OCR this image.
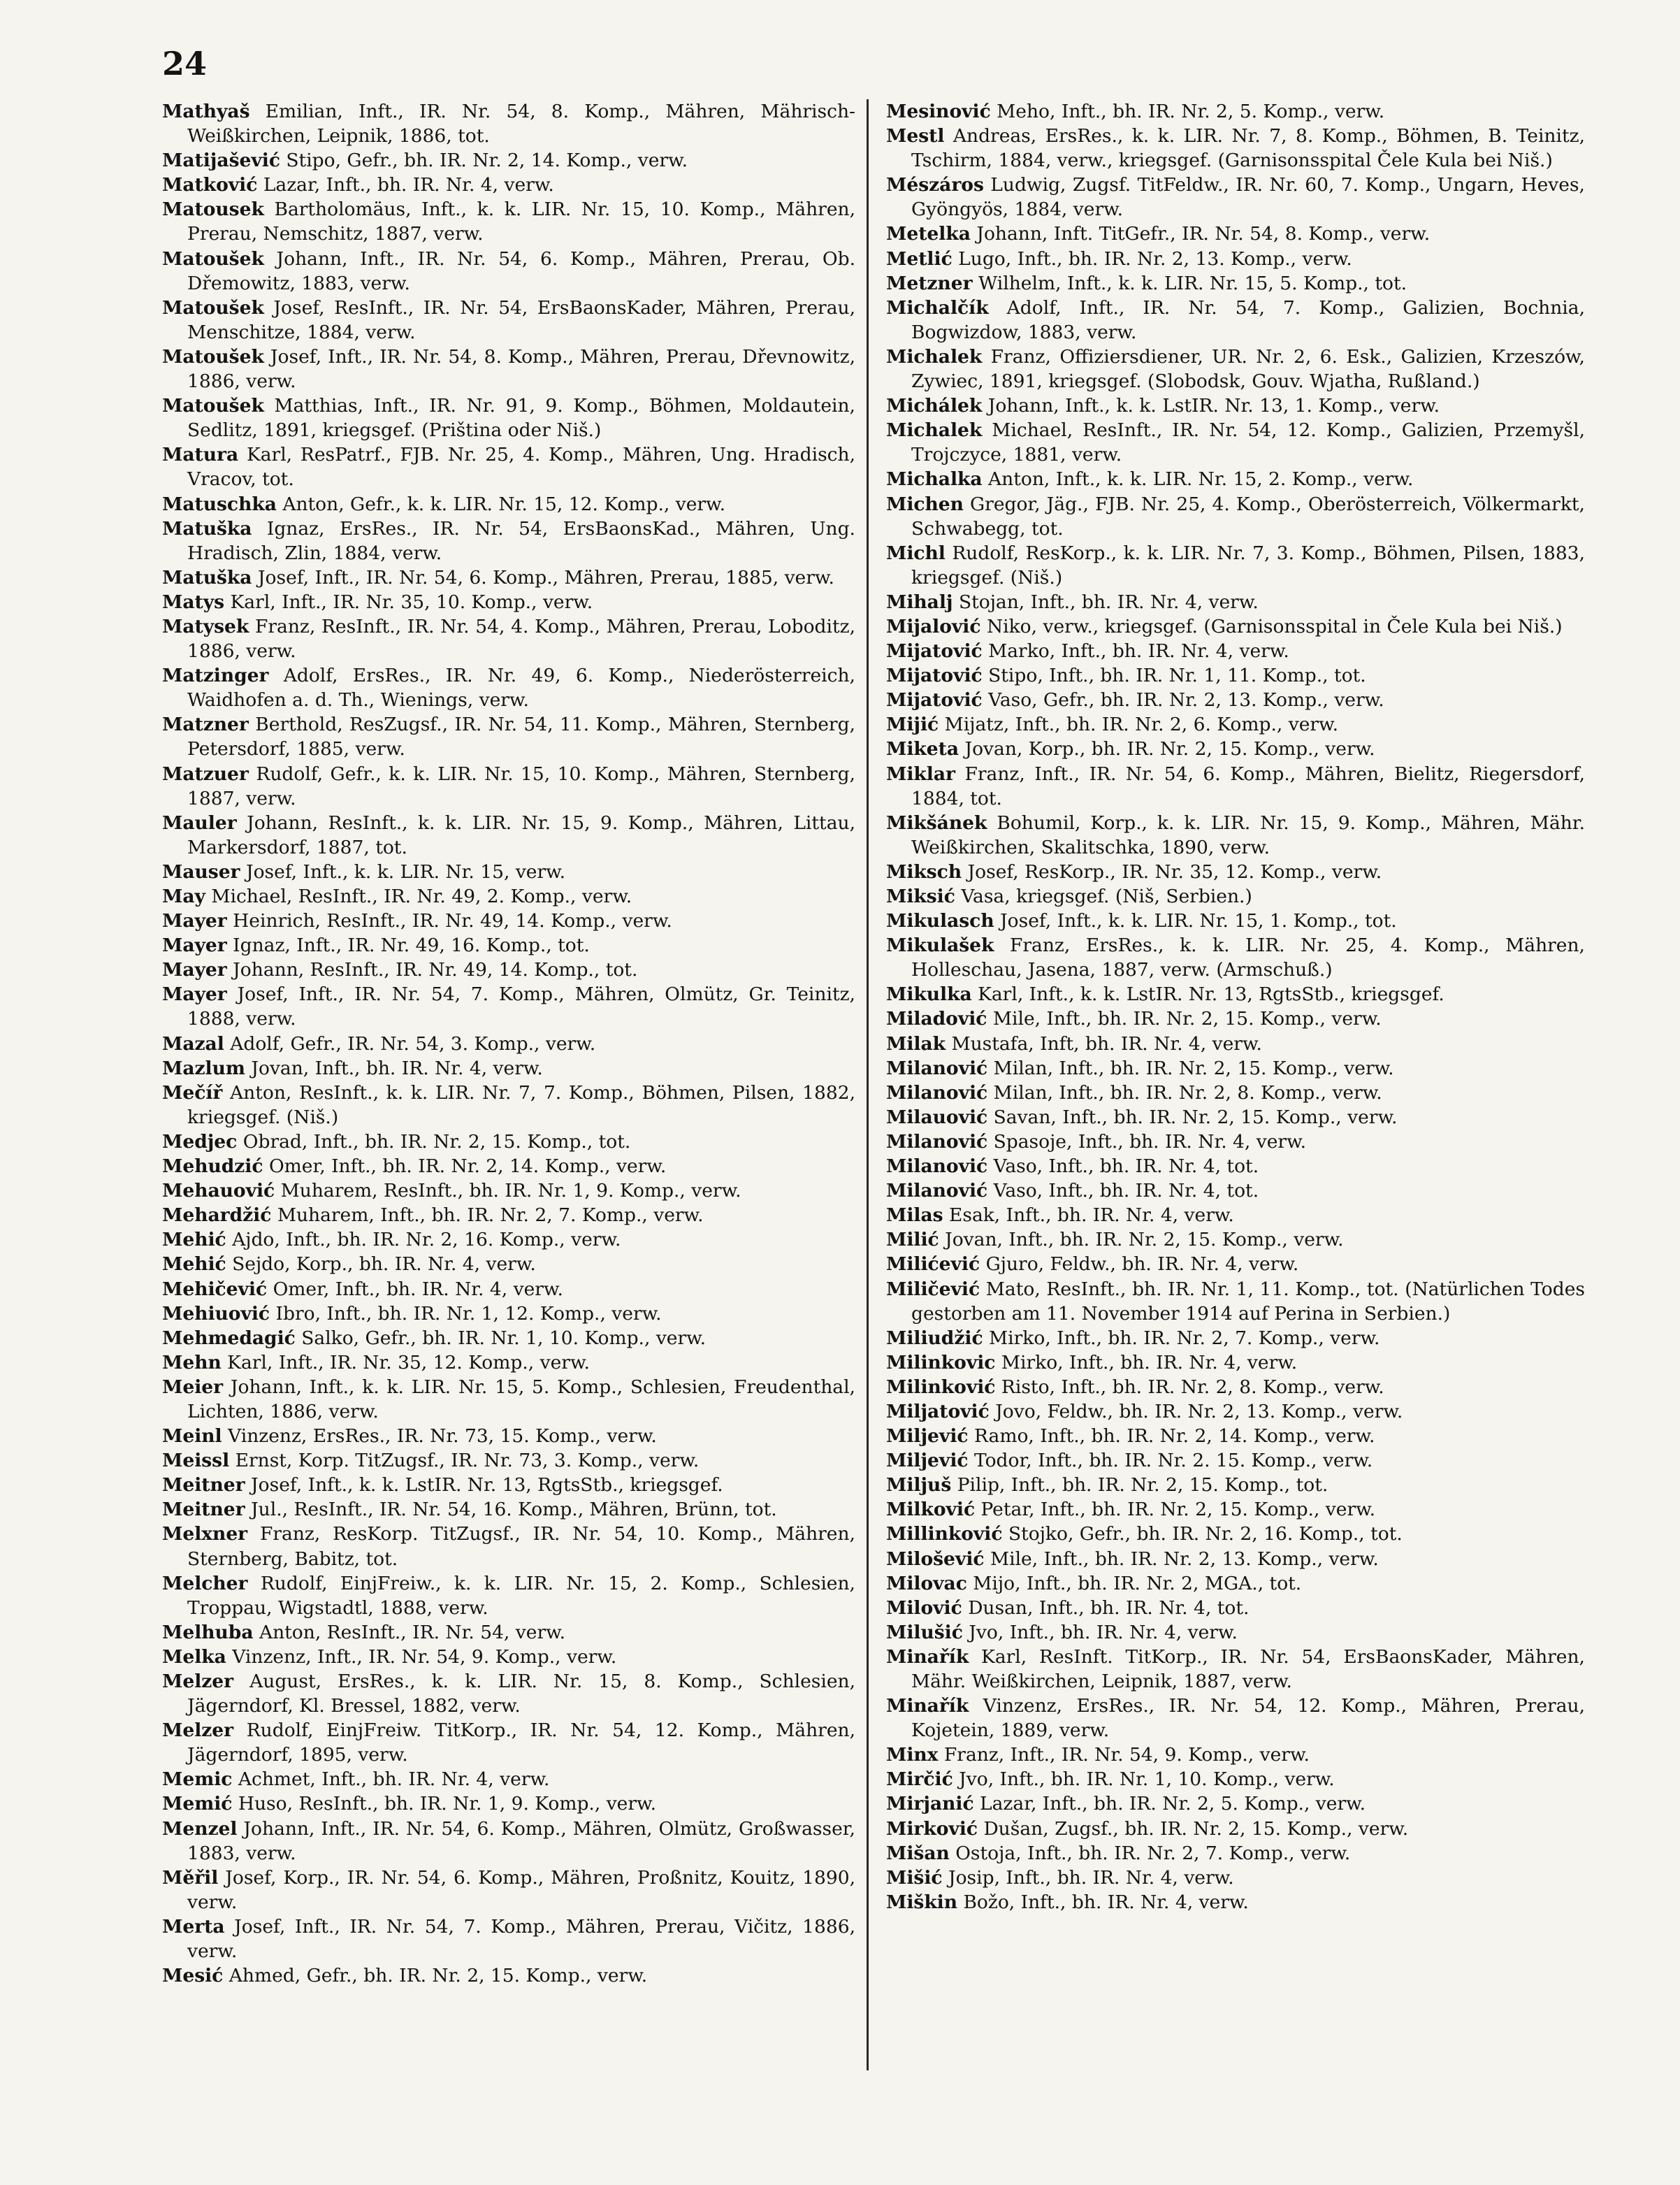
24
Mathyaš Emilian, Inft., IR. Nr. 54, 8. Komp., Mähren, Mährisch-Weißkirchen, Leipnik, 1886, tot.
Matijašević Stipo, Gefr., bh. IR. Nr. 2, 14. Komp., verw.
Matković Lazar, Inft., bh. IR. Nr. 4, verw.
Matousek Bartholomäus, Inft., k. k. LIR. Nr. 15, 10. Komp., Mähren, Prerau, Nemschitz, 1887, verw.
Matoušek Johann, Inft., IR. Nr. 54, 6. Komp., Mähren, Prerau, Ob. Dřemowitz, 1883, verw.
Matoušek Josef, ResInft., IR. Nr. 54, ErsBaonsKader, Mähren, Prerau, Menschitze, 1884, verw.
Matoušek Josef, Inft., IR. Nr. 54, 8. Komp., Mähren, Prerau, Dřevnowitz, 1886, verw.
Matoušek Matthias, Inft., IR. Nr. 91, 9. Komp., Böhmen, Moldautein, Sedlitz, 1891, kriegsgef. (Priština oder Niš.)
Matura Karl, ResPatrf., FJB. Nr. 25, 4. Komp., Mähren, Ung. Hradisch, Vracov, tot.
Matuschka Anton, Gefr., k. k. LIR. Nr. 15, 12. Komp., verw.
Matuška Ignaz, ErsRes., IR. Nr. 54, ErsBaonsKad., Mähren, Ung. Hradisch, Zlin, 1884, verw.
Matuška Josef, Inft., IR. Nr. 54, 6. Komp., Mähren, Prerau, 1885, verw.
Matys Karl, Inft., IR. Nr. 35, 10. Komp., verw.
Matysek Franz, ResInft., IR. Nr. 54, 4. Komp., Mähren, Prerau, Loboditz, 1886, verw.
Matzinger Adolf, ErsRes., IR. Nr. 49, 6. Komp., Niederösterreich, Waidhofen a. d. Th., Wienings, verw.
Matzner Berthold, ResZugsf., IR. Nr. 54, 11. Komp., Mähren, Sternberg, Petersdorf, 1885, verw.
Matzuer Rudolf, Gefr., k. k. LIR. Nr. 15, 10. Komp., Mähren, Sternberg, 1887, verw.
Mauler Johann, ResInft., k. k. LIR. Nr. 15, 9. Komp., Mähren, Littau, Markersdorf, 1887, tot.
Mauser Josef, Inft., k. k. LIR. Nr. 15, verw.
May Michael, ResInft., IR. Nr. 49, 2. Komp., verw.
Mayer Heinrich, ResInft., IR. Nr. 49, 14. Komp., verw.
Mayer Ignaz, Inft., IR. Nr. 49, 16. Komp., tot.
Mayer Johann, ResInft., IR. Nr. 49, 14. Komp., tot.
Mayer Josef, Inft., IR. Nr. 54, 7. Komp., Mähren, Olmütz, Gr. Teinitz, 1888, verw.
Mazal Adolf, Gefr., IR. Nr. 54, 3. Komp., verw.
Mazlum Jovan, Inft., bh. IR. Nr. 4, verw.
Mečíř Anton, ResInft., k. k. LIR. Nr. 7, 7. Komp., Böhmen, Pilsen, 1882, kriegsgef. (Niš.)
Medjec Obrad, Inft., bh. IR. Nr. 2, 15. Komp., tot.
Mehudzić Omer, Inft., bh. IR. Nr. 2, 14. Komp., verw.
Mehauović Muharem, ResInft., bh. IR. Nr. 1, 9. Komp., verw.
Mehardžić Muharem, Inft., bh. IR. Nr. 2, 7. Komp., verw.
Mehić Ajdo, Inft., bh. IR. Nr. 2, 16. Komp., verw.
Mehić Sejdo, Korp., bh. IR. Nr. 4, verw.
Mehičević Omer, Inft., bh. IR. Nr. 4, verw.
Mehiuović Ibro, Inft., bh. IR. Nr. 1, 12. Komp., verw.
Mehmedagić Salko, Gefr., bh. IR. Nr. 1, 10. Komp., verw.
Mehn Karl, Inft., IR. Nr. 35, 12. Komp., verw.
Meier Johann, Inft., k. k. LIR. Nr. 15, 5. Komp., Schlesien, Freudenthal, Lichten, 1886, verw.
Meinl Vinzenz, ErsRes., IR. Nr. 73, 15. Komp., verw.
Meissl Ernst, Korp. TitZugsf., IR. Nr. 73, 3. Komp., verw.
Meitner Josef, Inft., k. k. LstIR. Nr. 13, RgtsStb., kriegsgef.
Meitner Jul., ResInft., IR. Nr. 54, 16. Komp., Mähren, Brünn, tot.
Melxner Franz, ResKorp. TitZugsf., IR. Nr. 54, 10. Komp., Mähren, Sternberg, Babitz, tot.
Melcher Rudolf, EinjFreiw., k. k. LIR. Nr. 15, 2. Komp., Schlesien, Troppau, Wigstadtl, 1888, verw.
Melhuba Anton, ResInft., IR. Nr. 54, verw.
Melka Vinzenz, Inft., IR. Nr. 54, 9. Komp., verw.
Melzer August, ErsRes., k. k. LIR. Nr. 15, 8. Komp., Schlesien, Jägerndorf, Kl. Bressel, 1882, verw.
Melzer Rudolf, EinjFreiw. TitKorp., IR. Nr. 54, 12. Komp., Mähren, Jägerndorf, 1895, verw.
Memic Achmet, Inft., bh. IR. Nr. 4, verw.
Memić Huso, ResInft., bh. IR. Nr. 1, 9. Komp., verw.
Menzel Johann, Inft., IR. Nr. 54, 6. Komp., Mähren, Olmütz, Großwasser, 1883, verw.
Měřil Josef, Korp., IR. Nr. 54, 6. Komp., Mähren, Proßnitz, Kouitz, 1890, verw.
Merta Josef, Inft., IR. Nr. 54, 7. Komp., Mähren, Prerau, Vičitz, 1886, verw.
Mesić Ahmed, Gefr., bh. IR. Nr. 2, 15. Komp., verw.
Mesinović Meho, Inft., bh. IR. Nr. 2, 5. Komp., verw.
Mestl Andreas, ErsRes., k. k. LIR. Nr. 7, 8. Komp., Böhmen, B. Teinitz, Tschirm, 1884, verw., kriegsgef. (Garnisonsspital Čele Kula bei Niš.)
Mészáros Ludwig, Zugsf. TitFeldw., IR. Nr. 60, 7. Komp., Ungarn, Heves, Gyöngyös, 1884, verw.
Metelka Johann, Inft. TitGefr., IR. Nr. 54, 8. Komp., verw.
Metlić Lugo, Inft., bh. IR. Nr. 2, 13. Komp., verw.
Metzner Wilhelm, Inft., k. k. LIR. Nr. 15, 5. Komp., tot.
Michalčík Adolf, Inft., IR. Nr. 54, 7. Komp., Galizien, Bochnia, Bogwizdow, 1883, verw.
Michalek Franz, Offiziersdiener, UR. Nr. 2, 6. Esk., Galizien, Krzeszów, Zywiec, 1891, kriegsgef. (Slobodsk, Gouv. Wjatha, Rußland.)
Michálek Johann, Inft., k. k. LstIR. Nr. 13, 1. Komp., verw.
Michalek Michael, ResInft., IR. Nr. 54, 12. Komp., Galizien, Przemyšl, Trojczyce, 1881, verw.
Michalka Anton, Inft., k. k. LIR. Nr. 15, 2. Komp., verw.
Michen Gregor, Jäg., FJB. Nr. 25, 4. Komp., Oberösterreich, Völkermarkt, Schwabegg, tot.
Michl Rudolf, ResKorp., k. k. LIR. Nr. 7, 3. Komp., Böhmen, Pilsen, 1883, kriegsgef. (Niš.)
Mihalj Stojan, Inft., bh. IR. Nr. 4, verw.
Mijalović Niko, verw., kriegsgef. (Garnisonsspital in Čele Kula bei Niš.)
Mijatović Marko, Inft., bh. IR. Nr. 4, verw.
Mijatović Stipo, Inft., bh. IR. Nr. 1, 11. Komp., tot.
Mijatović Vaso, Gefr., bh. IR. Nr. 2, 13. Komp., verw.
Mijić Mijatz, Inft., bh. IR. Nr. 2, 6. Komp., verw.
Miketa Jovan, Korp., bh. IR. Nr. 2, 15. Komp., verw.
Miklar Franz, Inft., IR. Nr. 54, 6. Komp., Mähren, Bielitz, Riegersdorf, 1884, tot.
Mikšánek Bohumil, Korp., k. k. LIR. Nr. 15, 9. Komp., Mähren, Mähr. Weißkirchen, Skalitschka, 1890, verw.
Miksch Josef, ResKorp., IR. Nr. 35, 12. Komp., verw.
Miksić Vasa, kriegsgef. (Niš, Serbien.)
Mikulasch Josef, Inft., k. k. LIR. Nr. 15, 1. Komp., tot.
Mikulašek Franz, ErsRes., k. k. LIR. Nr. 25, 4. Komp., Mähren, Holleschau, Jasena, 1887, verw. (Armschuß.)
Mikulka Karl, Inft., k. k. LstIR. Nr. 13, RgtsStb., kriegsgef.
Miladović Mile, Inft., bh. IR. Nr. 2, 15. Komp., verw.
Milak Mustafa, Inft, bh. IR. Nr. 4, verw.
Milanović Milan, Inft., bh. IR. Nr. 2, 15. Komp., verw.
Milanović Milan, Inft., bh. IR. Nr. 2, 8. Komp., verw.
Milauović Savan, Inft., bh. IR. Nr. 2, 15. Komp., verw.
Milanović Spasoje, Inft., bh. IR. Nr. 4, verw.
Milanović Vaso, Inft., bh. IR. Nr. 4, tot.
Milanović Vaso, Inft., bh. IR. Nr. 4, tot.
Milas Esak, Inft., bh. IR. Nr. 4, verw.
Milić Jovan, Inft., bh. IR. Nr. 2, 15. Komp., verw.
Milićević Gjuro, Feldw., bh. IR. Nr. 4, verw.
Miličević Mato, ResInft., bh. IR. Nr. 1, 11. Komp., tot. (Natürlichen Todes gestorben am 11. November 1914 auf Perina in Serbien.)
Miliudžić Mirko, Inft., bh. IR. Nr. 2, 7. Komp., verw.
Milinkovic Mirko, Inft., bh. IR. Nr. 4, verw.
Milinković Risto, Inft., bh. IR. Nr. 2, 8. Komp., verw.
Miljatović Jovo, Feldw., bh. IR. Nr. 2, 13. Komp., verw.
Miljević Ramo, Inft., bh. IR. Nr. 2, 14. Komp., verw.
Miljević Todor, Inft., bh. IR. Nr. 2. 15. Komp., verw.
Miljuš Pilip, Inft., bh. IR. Nr. 2, 15. Komp., tot.
Milković Petar, Inft., bh. IR. Nr. 2, 15. Komp., verw.
Millinković Stojko, Gefr., bh. IR. Nr. 2, 16. Komp., tot.
Milošević Mile, Inft., bh. IR. Nr. 2, 13. Komp., verw.
Milovac Mijo, Inft., bh. IR. Nr. 2, MGA., tot.
Milović Dusan, Inft., bh. IR. Nr. 4, tot.
Milušić Jvo, Inft., bh. IR. Nr. 4, verw.
Minařík Karl, ResInft. TitKorp., IR. Nr. 54, ErsBaonsKader, Mähren, Mähr. Weißkirchen, Leipnik, 1887, verw.
Minařík Vinzenz, ErsRes., IR. Nr. 54, 12. Komp., Mähren, Prerau, Kojetein, 1889, verw.
Minx Franz, Inft., IR. Nr. 54, 9. Komp., verw.
Mirčić Jvo, Inft., bh. IR. Nr. 1, 10. Komp., verw.
Mirjanić Lazar, Inft., bh. IR. Nr. 2, 5. Komp., verw.
Mirković Dušan, Zugsf., bh. IR. Nr. 2, 15. Komp., verw.
Mišan Ostoja, Inft., bh. IR. Nr. 2, 7. Komp., verw.
Mišić Josip, Inft., bh. IR. Nr. 4, verw.
Miškin Božo, Inft., bh. IR. Nr. 4, verw.
